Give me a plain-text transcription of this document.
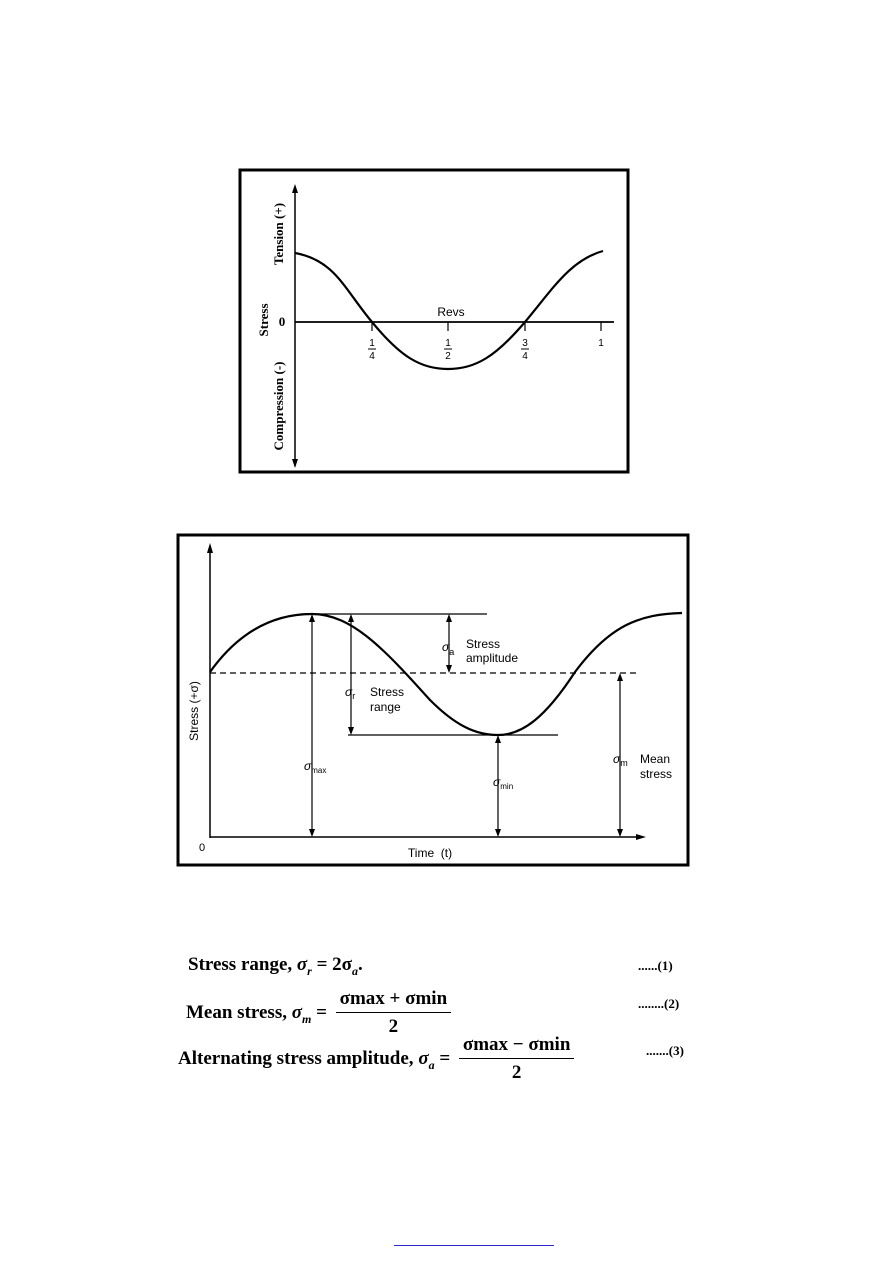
1
4
1
2
3
4
1
Revs
0
Tension (+)
Stress
Compression (-)
$\sigma_a$
Stress
amplitude
$\sigma_r$ Stress
range
$\sigma_{max}$
$\sigma_{min}$
$\sigma_m$ Mean
stress
Stress (+σ)
0	Time  (t)
Stress range, $\sigma_r = 2\sigma_a$.	......(1)
Mean stress, $\sigma_m = \frac{\sigma\max + \sigma\min}{2}$	........(2)
Alternating stress amplitude, $\sigma_a = \frac{\sigma\max - \sigma\min}{2}$	.......(3)
